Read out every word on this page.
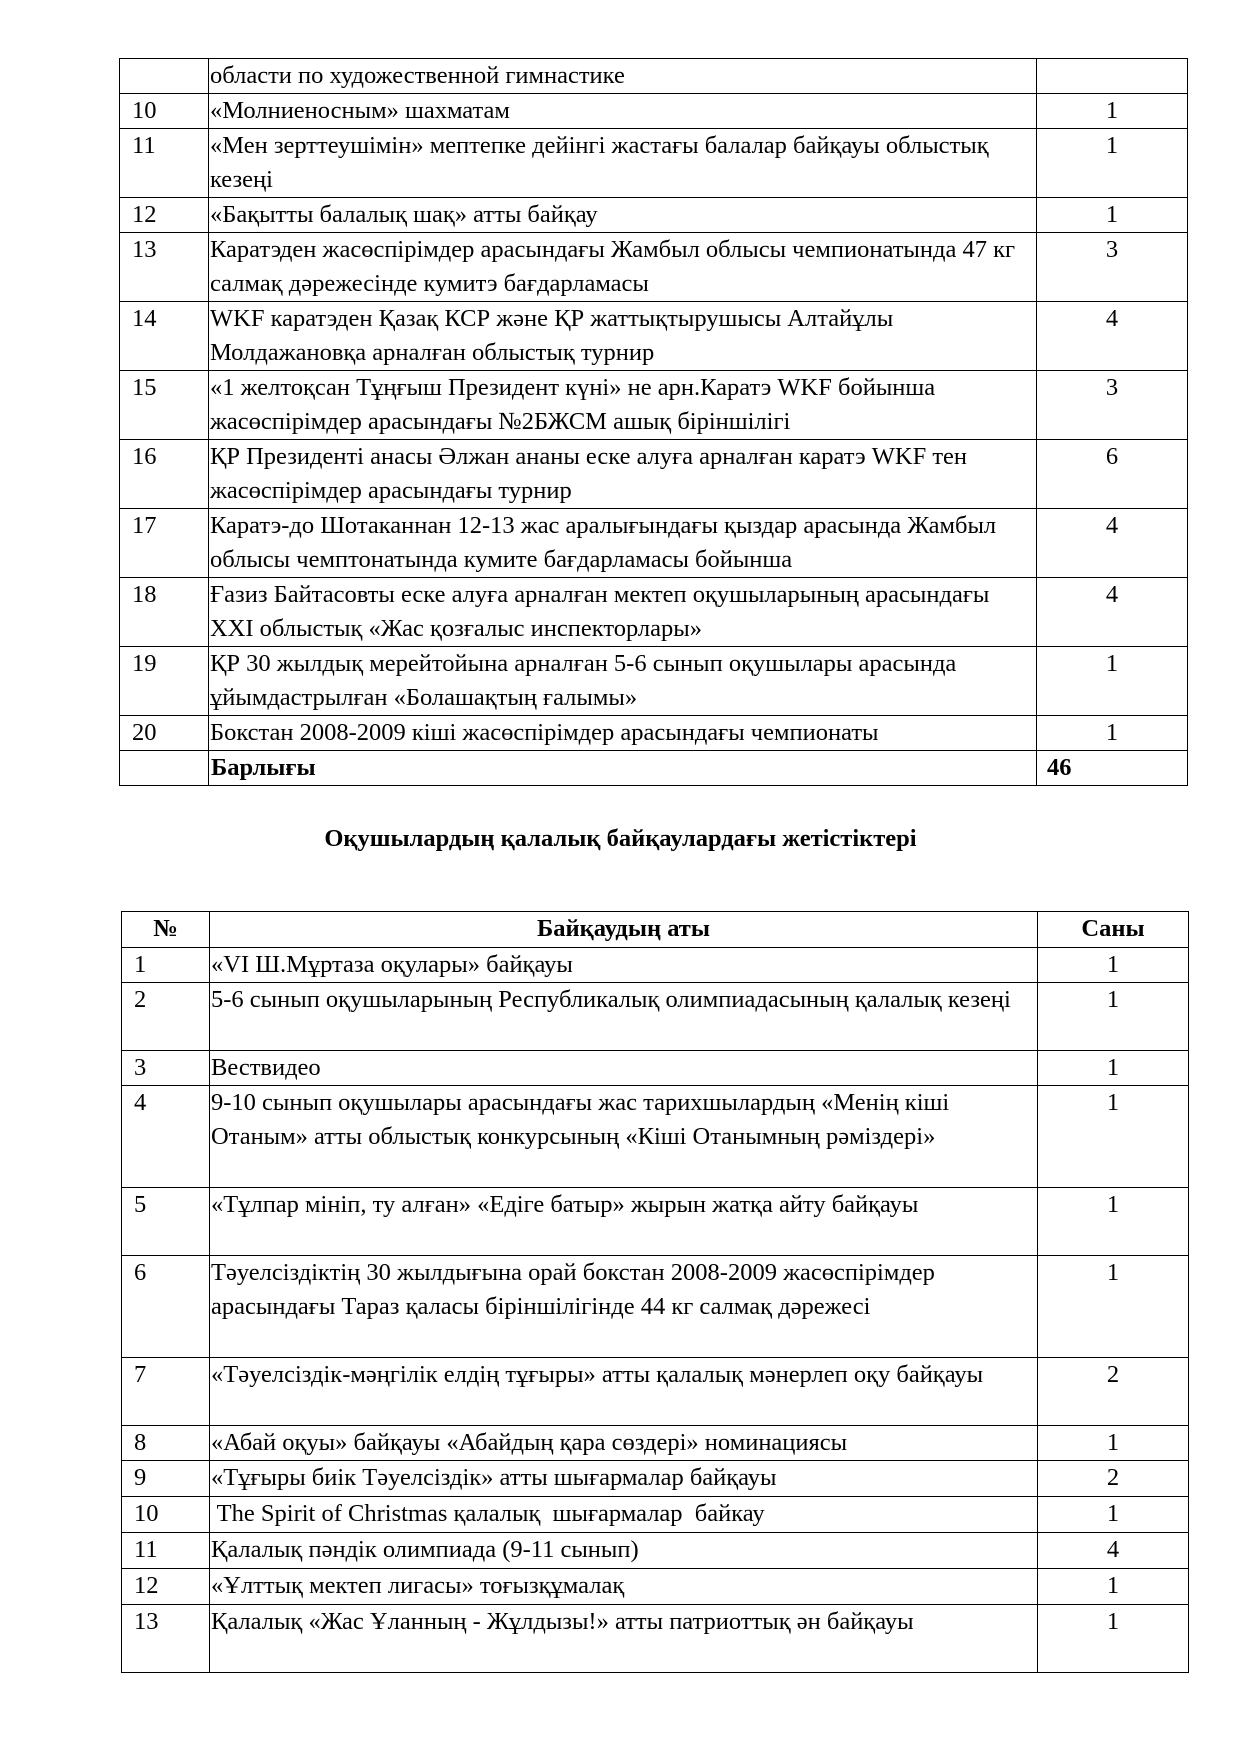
	области по художественной гимнастике	
10	«Молниеносным» шахматам	1
11	«Мен зерттеушімін» мептепке дейінгі жастағы балалар байқауы облыстық кезеңі	1
12	«Бақытты балалық шақ» атты байқау	1
13	Каратэден жасөспірімдер арасындағы Жамбыл облысы чемпионатында 47 кг салмақ дәрежесінде кумитэ бағдарламасы	3
14	WKF каратэден Қазақ КСР және ҚР жаттықтырушысы Алтайұлы Молдажановқа арналған облыстық турнир	4
15	«1 желтоқсан Тұңғыш Президент күні» не арн.Каратэ WKF бойынша жасөспірімдер арасындағы №2БЖСМ ашық біріншілігі	3
16	ҚР Президенті анасы Әлжан ананы еске алуға арналған каратэ WKF тен жасөспірімдер арасындағы турнир	6
17	Каратэ-до Шотаканнан 12-13 жас аралығындағы қыздар арасында Жамбыл облысы чемптонатында кумите бағдарламасы бойынша	4
18	Ғазиз Байтасовты еске алуға арналған мектеп оқушыларының арасындағы XXI облыстық «Жас қозғалыс инспекторлары»	4
19	ҚР 30 жылдық мерейтойына арналған 5-6 сынып оқушылары арасында ұйымдастрылған «Болашақтың ғалымы»	1
20	Бокстан 2008-2009 кіші жасөспірімдер арасындағы чемпионаты	1
	Барлығы	46
Оқушылардың қалалық байқаулардағы жетістіктері
№	Байқаудың аты	Саны
1	«VI Ш.Мұртаза оқулары» байқауы	1
2	5-6 сынып оқушыларының Республикалық олимпиадасының қалалық кезеңі	1
3	Вествидео	1
4	9-10 сынып оқушылары арасындағы жас тарихшылардың «Менің кіші Отаным» атты облыстық конкурсының «Кіші Отанымның рәміздері»	1
5	«Тұлпар мініп, ту алған» «Едіге батыр» жырын жатқа айту байқауы	1
6	Тәуелсіздіктің 30 жылдығына орай бокстан 2008-2009 жасөспірімдер арасындағы Тараз қаласы біріншілігінде 44 кг салмақ дәрежесі	1
7	«Тәуелсіздік-мәңгілік елдің тұғыры» атты қалалық мәнерлеп оқу байқауы	2
8	«Абай оқуы» байқауы «Абайдың қара сөздері» номинациясы	1
9	«Тұғыры биік Тәуелсіздік» атты шығармалар байқауы	2
10	The Spirit of Christmas қалалық  шығармалар  байкау	1
11	Қалалық пәндік олимпиада (9-11 сынып)	4
12	«Ұлттық мектеп лигасы» тоғызқұмалақ	1
13	Қалалық «Жас Ұланның - Жұлдызы!» атты патриоттық ән байқауы	1
